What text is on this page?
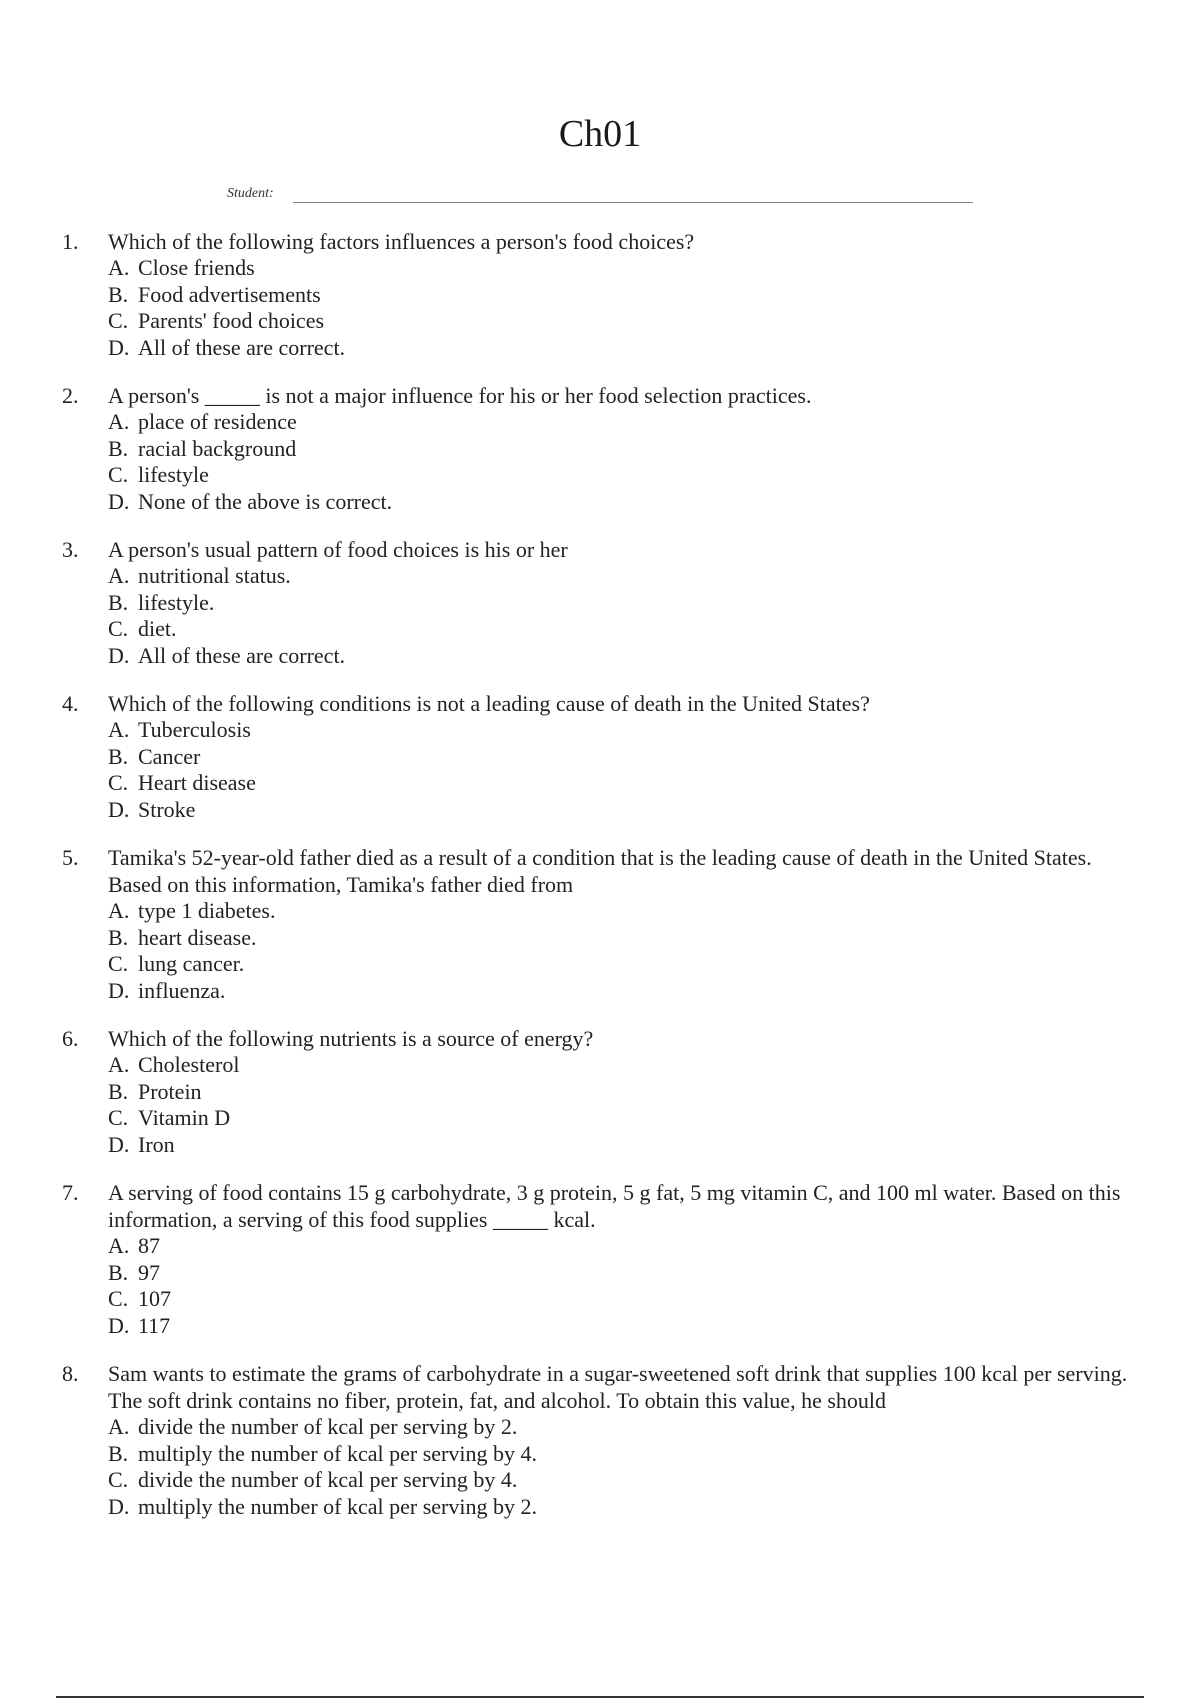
Ch01
Student:
1. Which of the following factors influences a person's food choices?
A. Close friends
B. Food advertisements
C. Parents' food choices
D. All of these are correct.
2. A person's _____ is not a major influence for his or her food selection practices.
A. place of residence
B. racial background
C. lifestyle
D. None of the above is correct.
3. A person's usual pattern of food choices is his or her
A. nutritional status.
B. lifestyle.
C. diet.
D. All of these are correct.
4. Which of the following conditions is not a leading cause of death in the United States?
A. Tuberculosis
B. Cancer
C. Heart disease
D. Stroke
5. Tamika's 52-year-old father died as a result of a condition that is the leading cause of death in the United States. Based on this information, Tamika's father died from
A. type 1 diabetes.
B. heart disease.
C. lung cancer.
D. influenza.
6. Which of the following nutrients is a source of energy?
A. Cholesterol
B. Protein
C. Vitamin D
D. Iron
7. A serving of food contains 15 g carbohydrate, 3 g protein, 5 g fat, 5 mg vitamin C, and 100 ml water. Based on this information, a serving of this food supplies _____ kcal.
A. 87
B. 97
C. 107
D. 117
8. Sam wants to estimate the grams of carbohydrate in a sugar-sweetened soft drink that supplies 100 kcal per serving. The soft drink contains no fiber, protein, fat, and alcohol. To obtain this value, he should
A. divide the number of kcal per serving by 2.
B. multiply the number of kcal per serving by 4.
C. divide the number of kcal per serving by 4.
D. multiply the number of kcal per serving by 2.
